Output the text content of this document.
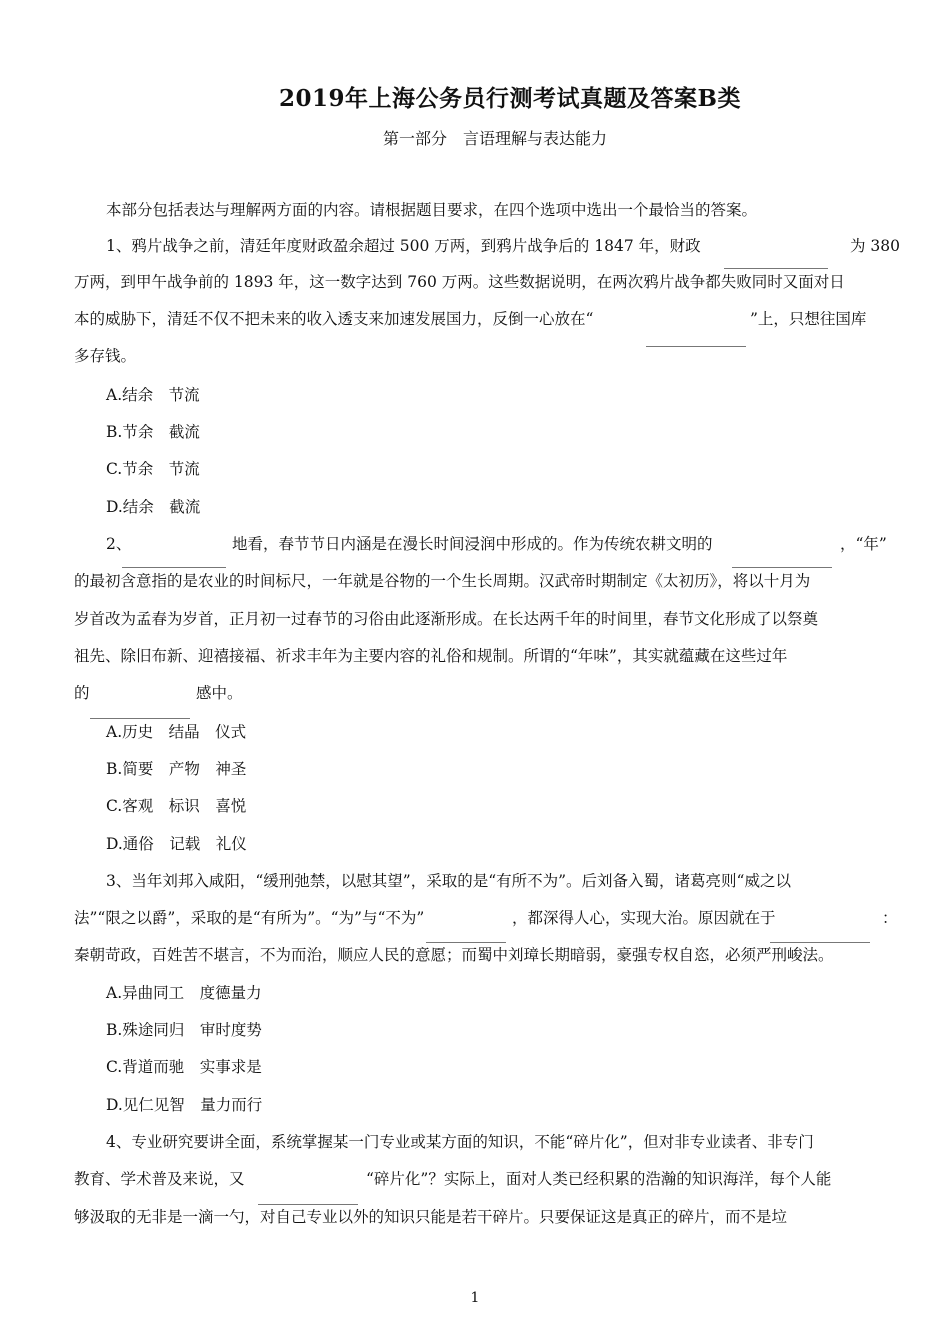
2019年上海公务员行测考试真题及答案B类
第一部分　言语理解与表达能力
本部分包括表达与理解两方面的内容。请根据题目要求，在四个选项中选出一个最恰当的答案。
1、鸦片战争之前，清廷年度财政盈余超过 500 万两，到鸦片战争后的 1847 年，财政	为 380
万两，到甲午战争前的 1893 年，这一数字达到 760 万两。这些数据说明，在两次鸦片战争都失败同时又面对日
本的威胁下，清廷不仅不把未来的收入透支来加速发展国力，反倒一心放在“	”上，只想往国库
多存钱。
A.结余　节流
B.节余　截流
C.节余　节流
D.结余　截流
2、	地看，春节节日内涵是在漫长时间浸润中形成的。作为传统农耕文明的	，“年”
的最初含意指的是农业的时间标尺，一年就是谷物的一个生长周期。汉武帝时期制定《太初历》，将以十月为
岁首改为孟春为岁首，正月初一过春节的习俗由此逐渐形成。在长达两千年的时间里，春节文化形成了以祭奠
祖先、除旧布新、迎禧接福、祈求丰年为主要内容的礼俗和规制。所谓的“年味”，其实就蕴藏在这些过年
的	感中。
A.历史　结晶　仪式
B.简要　产物　神圣
C.客观　标识　喜悦
D.通俗　记载　礼仪
3、当年刘邦入咸阳，“缓刑弛禁，以慰其望”，采取的是“有所不为”。后刘备入蜀，诸葛亮则“威之以
法”“限之以爵”，采取的是“有所为”。“为”与“不为”	，都深得人心，实现大治。原因就在于	：
秦朝苛政，百姓苦不堪言，不为而治，顺应人民的意愿；而蜀中刘璋长期暗弱，豪强专权自恣，必须严刑峻法。
A.异曲同工　度德量力
B.殊途同归　审时度势
C.背道而驰　实事求是
D.见仁见智　量力而行
4、专业研究要讲全面，系统掌握某一门专业或某方面的知识，不能“碎片化”，但对非专业读者、非专门
教育、学术普及来说，又	“碎片化”？实际上，面对人类已经积累的浩瀚的知识海洋，每个人能
够汲取的无非是一滴一勺，对自己专业以外的知识只能是若干碎片。只要保证这是真正的碎片，而不是垃
1
